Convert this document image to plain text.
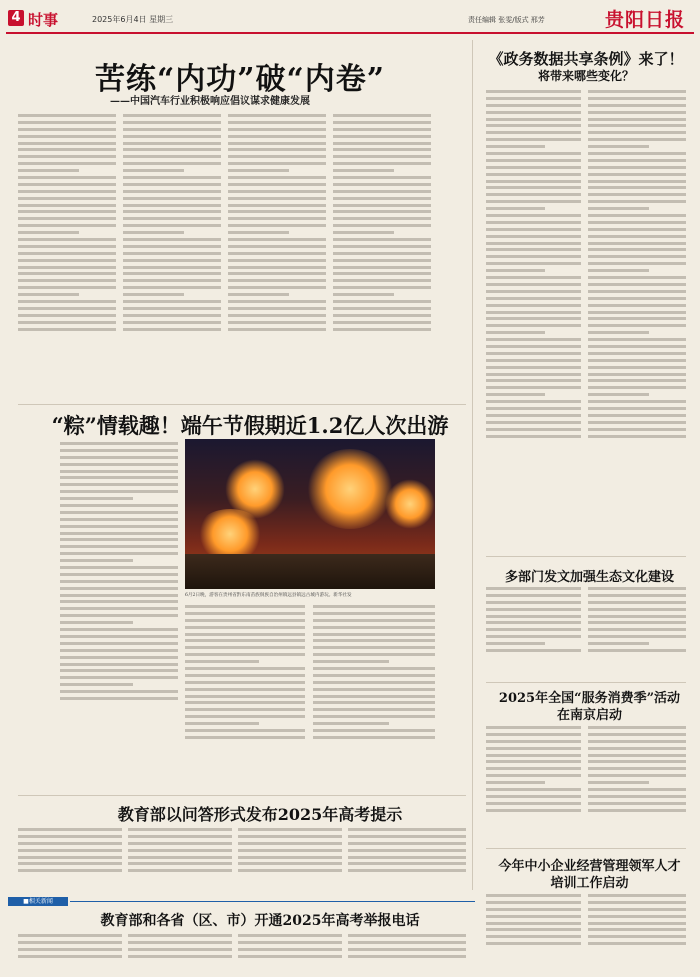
4 时事	2025年6月4日 星期三	责任编辑 张雯/版式 邢芳	贵阳日报
苦练“内功”破“内卷”
——中国汽车行业积极响应倡议谋求健康发展
《政务数据共享条例》来了！
将带来哪些变化？
“粽”情载趣！端午节假期近1.2亿人次出游
6月2日晚，游客在贵州省黔东南苗族侗族自治州镇远县镇远古城内游玩。新华社发
多部门发文加强生态文化建设
2025年全国“服务消费季”活动
在南京启动
教育部以问答形式发布2025年高考提示
今年中小企业经营管理领军人才
培训工作启动
■相关新闻
教育部和各省（区、市）开通2025年高考举报电话
